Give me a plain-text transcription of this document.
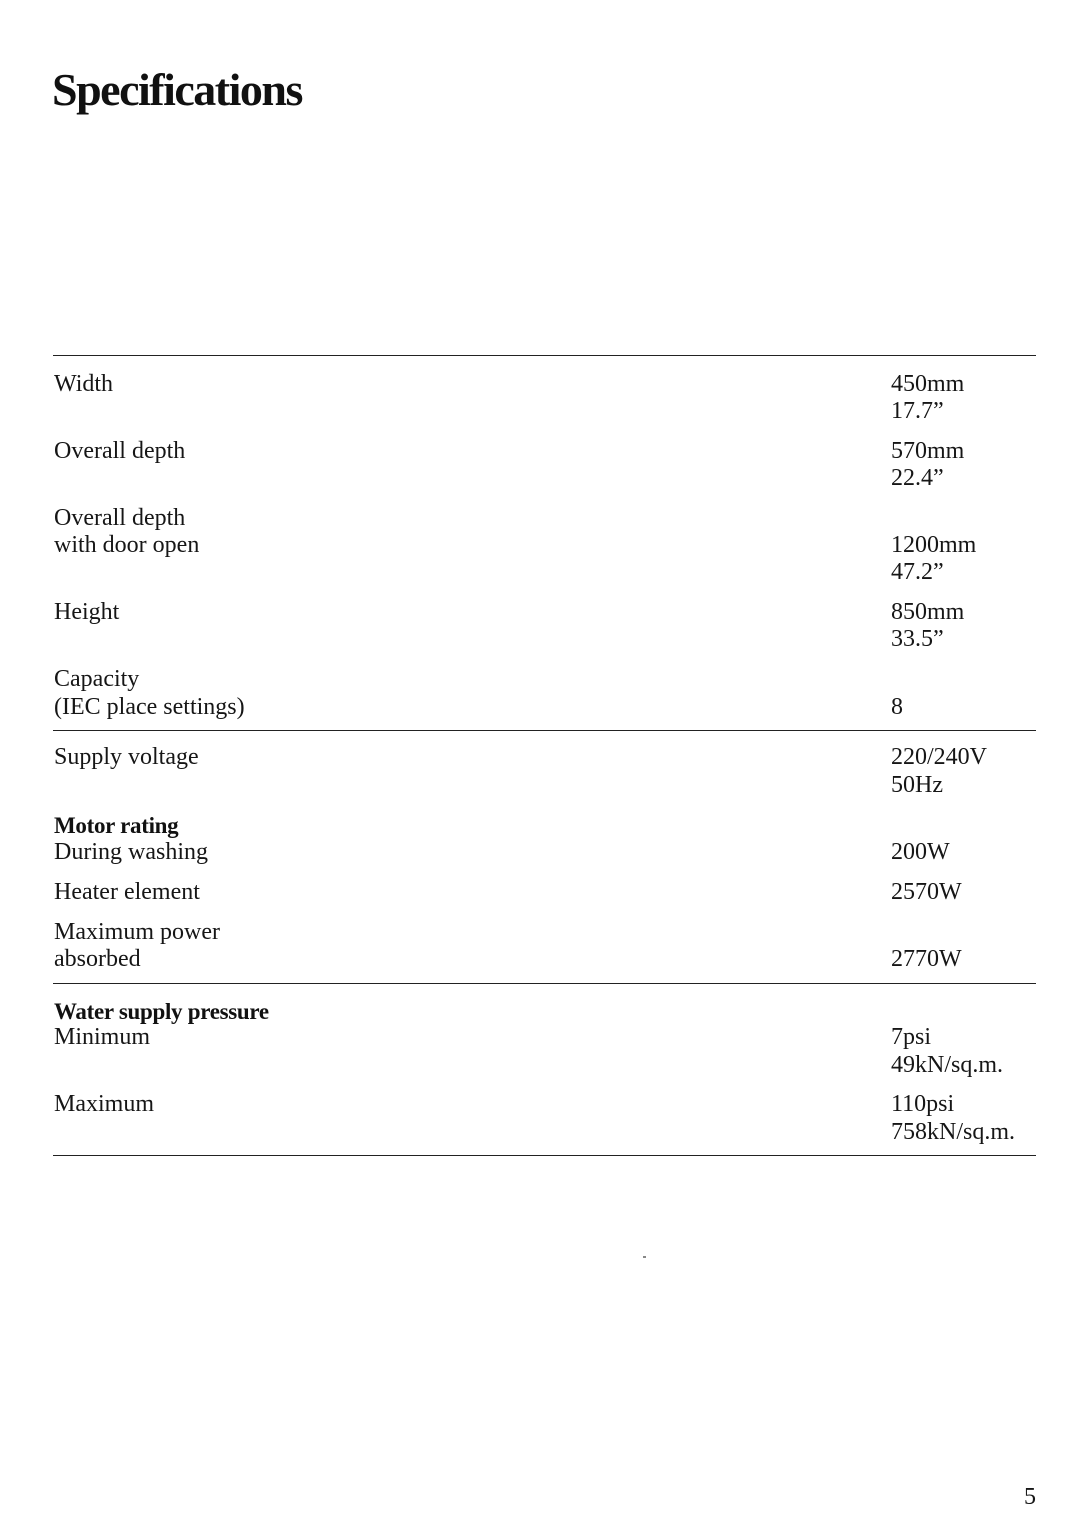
Specifications
Width	450mm
17.7”
Overall depth	570mm
22.4”
Overall depth
with door open	1200mm
47.2”
Height	850mm
33.5”
Capacity
(IEC place settings)	8
Supply voltage	220/240V
50Hz
Motor rating
During washing	200W
Heater element	2570W
Maximum power
absorbed	2770W
Water supply pressure
Minimum	7psi
49kN/sq.m.
Maximum	110psi
758kN/sq.m.
5
